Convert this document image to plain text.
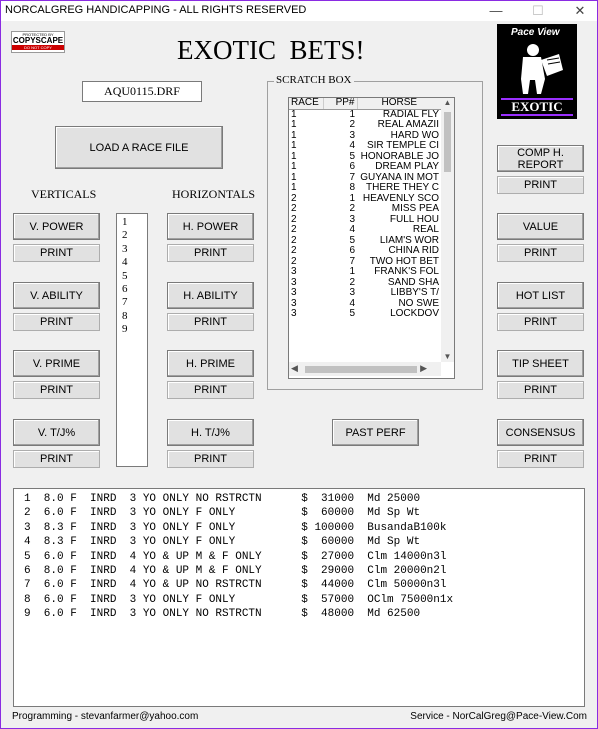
NORCALGREG HANDICAPPING - ALL RIGHTS RESERVED	—	☐	✕
PROTECTED BY
COPYSCAPE
DO NOT COPY	EXOTIC  BETS!
Pace View
EXOTIC
AQU0115.DRF
LOAD A RACE FILE
VERTICALS	HORIZONTALS
V. POWER
PRINT
V. ABILITY
PRINT
V. PRIME
PRINT
V. T/J%
PRINT
1
2
3
4
5
6
7
8
9
H. POWER
PRINT
H. ABILITY
PRINT
H. PRIME
PRINT
H. T/J%
PRINT
SCRATCH BOX
RACE	PP#	HORSE
1	1	RADIAL FLY
1	2	REAL AMAZII
1	3	HARD WO
1	4	SIR TEMPLE CI
1	5	HONORABLE JO
1	6	DREAM PLAY
1	7	GUYANA IN MOT
1	8	THERE THEY C
2	1	HEAVENLY SCO
2	2	MISS PEA
2	3	FULL HOU
2	4	REAL
2	5	LIAM'S WOR
2	6	CHINA RID
2	7	TWO HOT BET
3	1	FRANK'S FOL
3	2	SAND SHA
3	3	LIBBY'S T/
3	4	NO SWE
3	5	LOCKDOV
▲
▼
◀	▶
PAST PERF
COMP H. REPORT
PRINT
VALUE
PRINT
HOT LIST
PRINT
TIP SHEET
PRINT
CONSENSUS
PRINT
1  8.0 F  INRD  3 YO ONLY NO RSTRCTN      $  31000  Md 25000
2  6.0 F  INRD  3 YO ONLY F ONLY          $  60000  Md Sp Wt
3  8.3 F  INRD  3 YO ONLY F ONLY          $ 100000  BusandaB100k
4  8.3 F  INRD  3 YO ONLY F ONLY          $  60000  Md Sp Wt
5  6.0 F  INRD  4 YO & UP M & F ONLY      $  27000  Clm 14000n3l
6  8.0 F  INRD  4 YO & UP M & F ONLY      $  29000  Clm 20000n2l
7  6.0 F  INRD  4 YO & UP NO RSTRCTN      $  44000  Clm 50000n3l
8  6.0 F  INRD  3 YO ONLY F ONLY          $  57000  OClm 75000n1x
9  6.0 F  INRD  3 YO ONLY NO RSTRCTN      $  48000  Md 62500
Programming - stevanfarmer@yahoo.com	Service - NorCalGreg@Pace-View.Com
